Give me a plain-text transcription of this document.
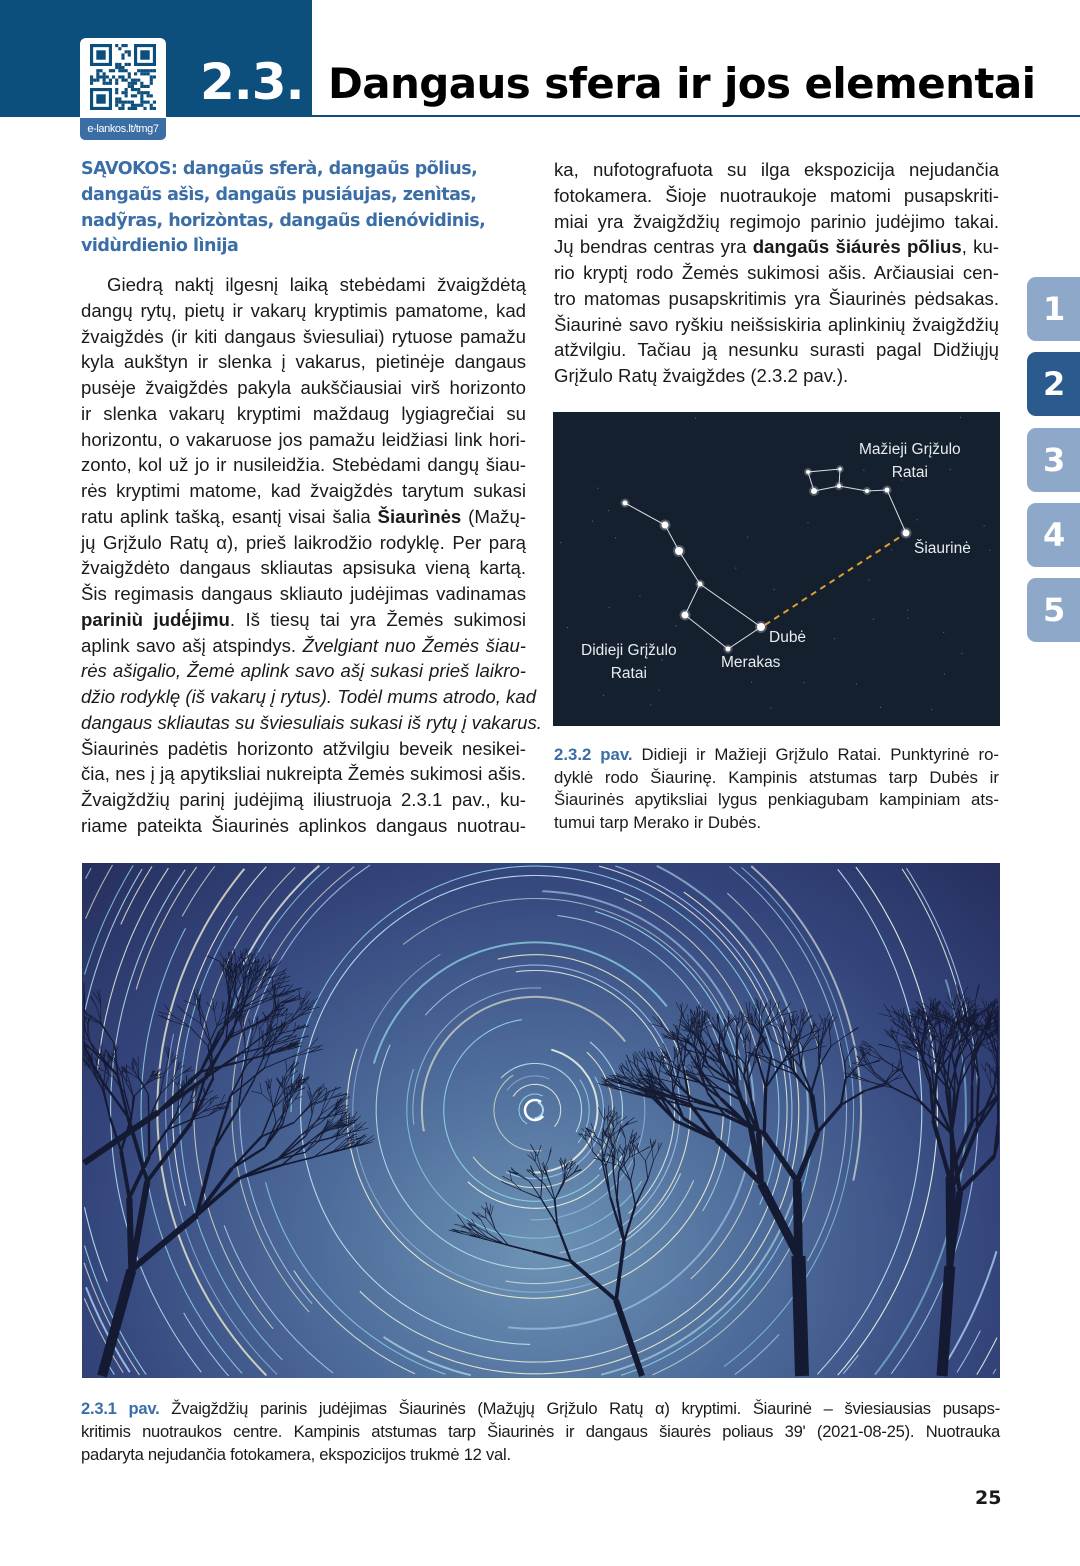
e-lankos.lt/tmg7
2.3. Dangaus sfera ir jos elementai
SĄVOKOS: dangaũs sferà, dangaũs põlius,
dangaũs ašìs, dangaũs pusiáujas, zenìtas,
nadỹras, horizòntas, dangaũs dienóvidinis,
vidùrdienio lìnija
Giedrą naktį ilgesnį laiką stebėdami žvaigždėtą
dangų rytų, pietų ir vakarų kryptimis pamatome, kad
žvaigždės (ir kiti dangaus šviesuliai) rytuose pamažu
kyla aukštyn ir slenka į vakarus, pietinėje dangaus
pusėje žvaigždės pakyla aukščiausiai virš horizonto
ir slenka vakarų kryptimi maždaug lygiagrečiai su
horizontu, o vakaruose jos pamažu leidžiasi link hori-
zonto, kol už jo ir nusileidžia. Stebėdami dangų šiau-
rės kryptimi matome, kad žvaigždės tarytum sukasi
ratu aplink tašką, esantį visai šalia Šiaurìnės (Mažų-
jų Grįžulo Ratų α), prieš laikrodžio rodyklę. Per parą
žvaigždėto dangaus skliautas apsisuka vieną kartą.
Šis regimasis dangaus skliauto judėjimas vadinamas
pariniù judė́jimu. Iš tiesų tai yra Žemės sukimosi
aplink savo ašį atspindys. Žvelgiant nuo Žemės šiau-
rės ašigalio, Žemė aplink savo ašį sukasi prieš laikro-
džio rodyklę (iš vakarų į rytus). Todėl mums atrodo, kad
dangaus skliautas su šviesuliais sukasi iš rytų į vakarus.
Šiaurinės padėtis horizonto atžvilgiu beveik nesikei-
čia, nes į ją apytiksliai nukreipta Žemės sukimosi ašis.
Žvaigždžių parinį judėjimą iliustruoja 2.3.1 pav., ku-
riame pateikta Šiaurinės aplinkos dangaus nuotrau-
ka, nufotografuota su ilga ekspozicija nejudančia
fotokamera. Šioje nuotraukoje matomi pusapskriti-
miai yra žvaigždžių regimojo parinio judėjimo takai.
Jų bendras centras yra dangaũs šiáurės põlius, ku-
rio kryptį rodo Žemės sukimosi ašis. Arčiausiai cen-
tro matomas pusapskritimis yra Šiaurinės pėdsakas.
Šiaurinė savo ryškiu neišsiskiria aplinkinių žvaigždžių
atžvilgiu. Tačiau ją nesunku surasti pagal Didžiųjų
Grįžulo Ratų žvaigždes (2.3.2 pav.).
1
2
3
4
5
Mažieji Grįžulo
Ratai
Didieji Grįžulo
Ratai
Šiaurinė
Dubė
Merakas
2.3.2 pav. Didieji ir Mažieji Grįžulo Ratai. Punktyrinė ro-
dyklė rodo Šiaurinę. Kampinis atstumas tarp Dubės ir
Šiaurinės apytiksliai lygus penkiagubam kampiniam ats-
tumui tarp Merako ir Dubės.
2.3.1 pav. Žvaigždžių parinis judėjimas Šiaurinės (Mažųjų Grįžulo Ratų α) kryptimi. Šiaurinė – šviesiausias pusaps-
kritimis nuotraukos centre. Kampinis atstumas tarp Šiaurinės ir dangaus šiaurės poliaus 39' (2021-08-25). Nuotrauka
padaryta nejudančia fotokamera, ekspozicijos trukmė 12 val.
25
